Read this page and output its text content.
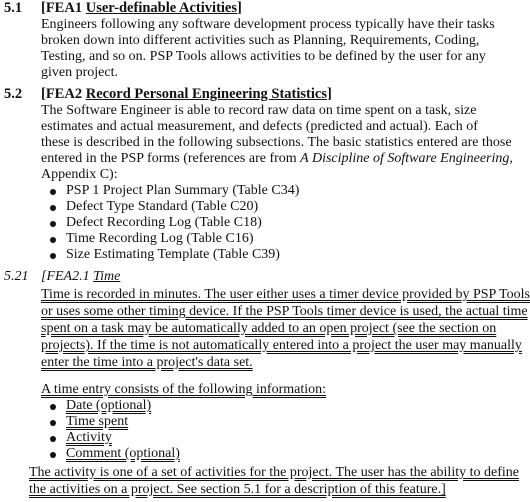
5.1 [FEA1 User-definable Activities]
Engineers following any software development process typically have their tasks
broken down into different activities such as Planning, Requirements, Coding,
Testing, and so on. PSP Tools allows activities to be defined by the user for any
given project.
5.2 [FEA2 Record Personal Engineering Statistics]
The Software Engineer is able to record raw data on time spent on a task, size
estimates and actual measurement, and defects (predicted and actual). Each of
these is described in the following subsections. The basic statistics entered are those
entered in the PSP forms (references are from A Discipline of Software Engineering,
Appendix C):
PSP 1 Project Plan Summary (Table C34)
Defect Type Standard (Table C20)
Defect Recording Log (Table C18)
Time Recording Log (Table C16)
Size Estimating Template (Table C39)
5.21 [FEA2.1 Time
Time is recorded in minutes. The user either uses a timer device provided by PSP Tools
or uses some other timing device. If the PSP Tools timer device is used, the actual time
spent on a task may be automatically added to an open project (see the section on
projects). If the time is not automatically entered into a project the user may manually
enter the time into a project's data set.
A time entry consists of the following information:
Date (optional)
Time spent
Activity
Comment (optional)
The activity is one of a set of activities for the project. The user has the ability to define
the activities on a project. See section 5.1 for a description of this feature.]
